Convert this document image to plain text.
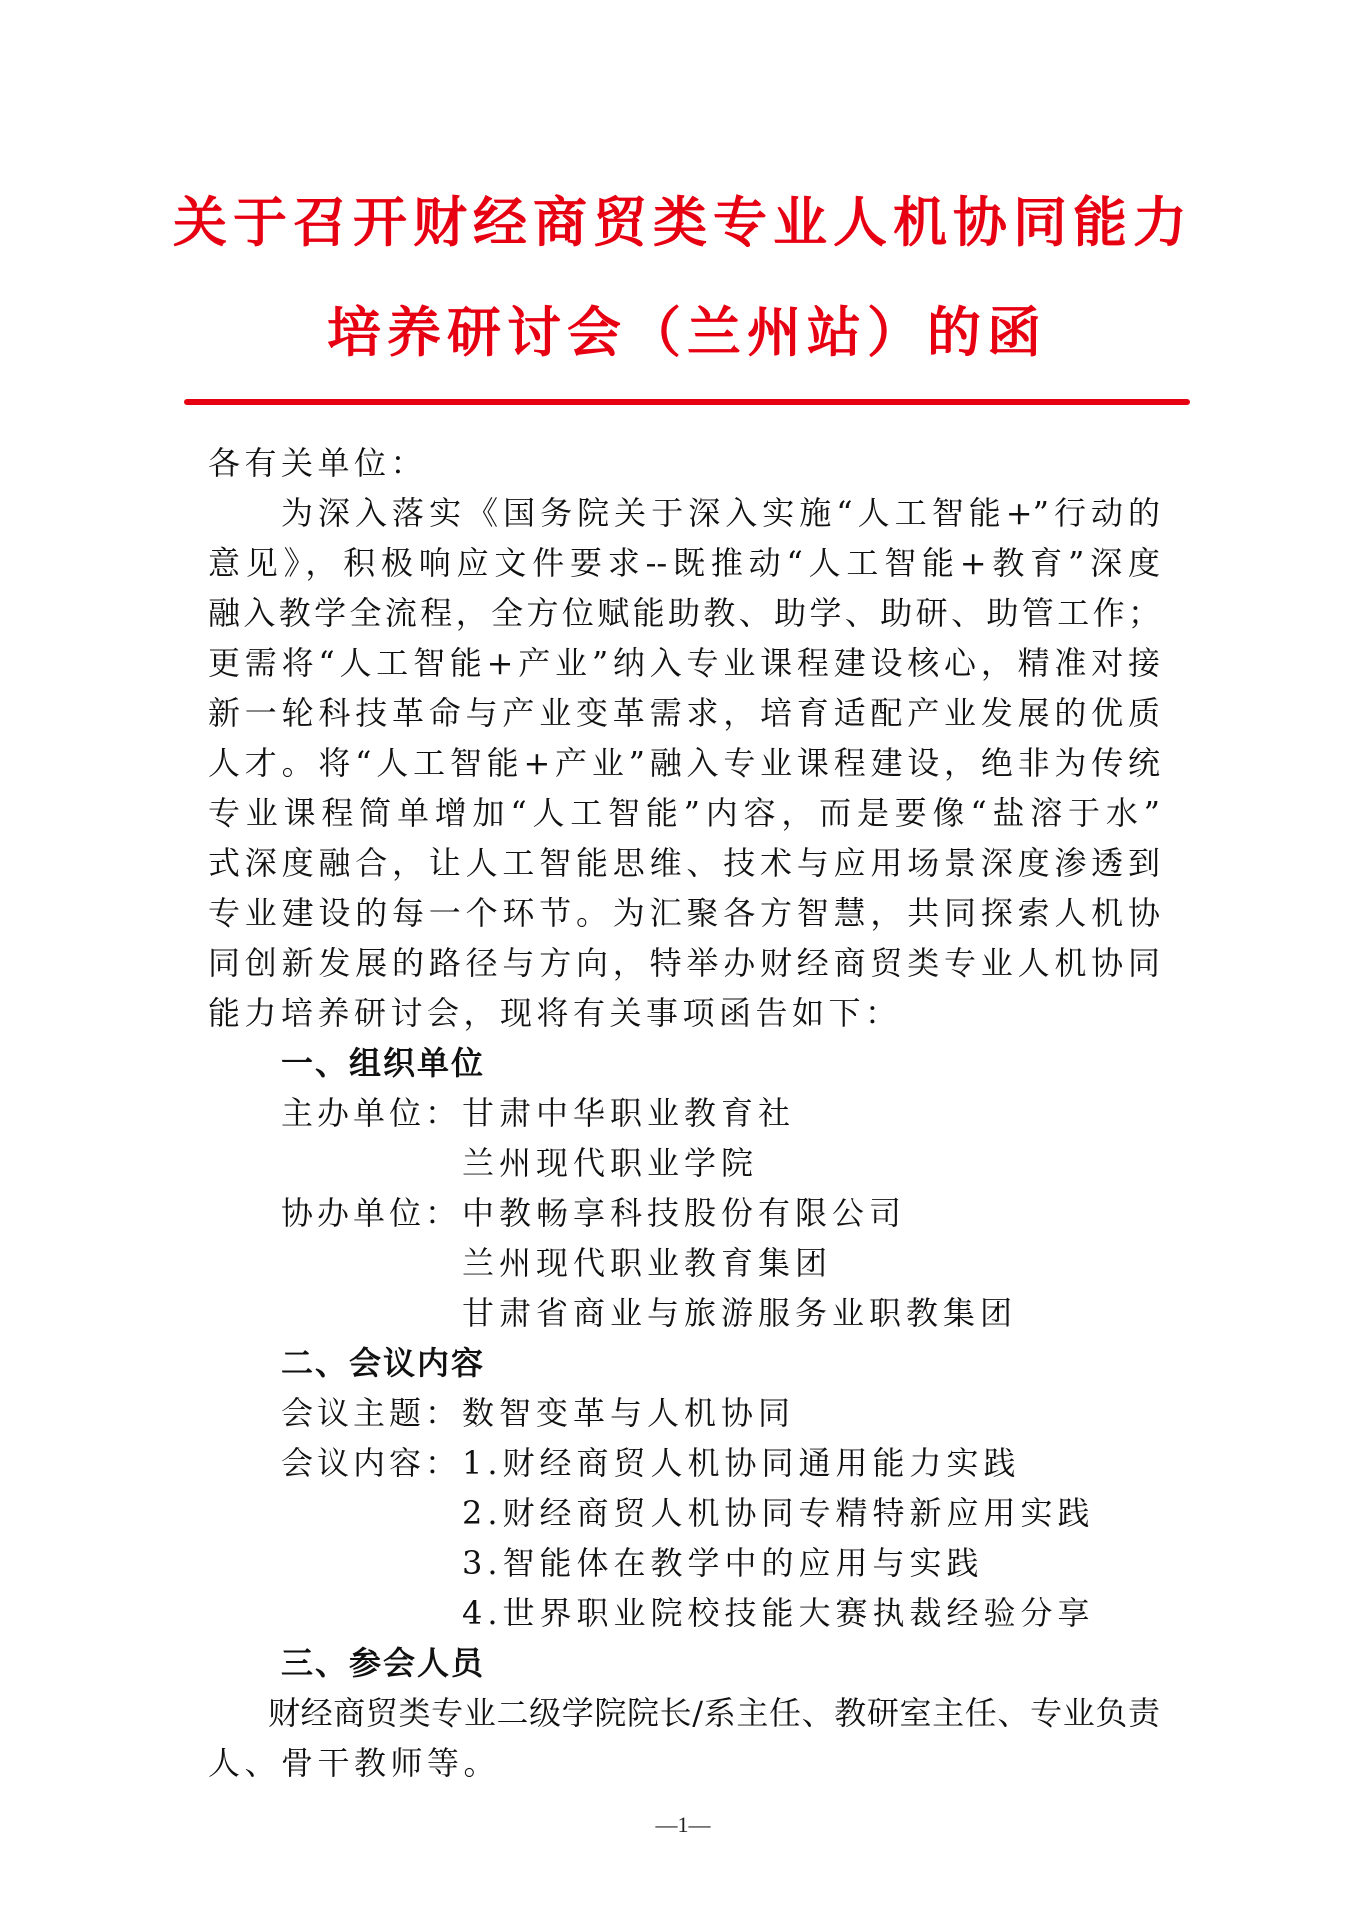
关于召开财经商贸类专业人机协同能力
培养研讨会（兰州站）的函
各有关单位：
为深入落实《国务院关于深入实施“人工智能+”行动的
意见》，积极响应文件要求--既推动“人工智能+教育”深度
融入教学全流程，全方位赋能助教、助学、助研、助管工作；
更需将“人工智能+产业”纳入专业课程建设核心，精准对接
新一轮科技革命与产业变革需求，培育适配产业发展的优质
人才。将“人工智能+产业”融入专业课程建设，绝非为传统
专业课程简单增加“人工智能”内容，而是要像“盐溶于水”
式深度融合，让人工智能思维、技术与应用场景深度渗透到
专业建设的每一个环节。为汇聚各方智慧，共同探索人机协
同创新发展的路径与方向，特举办财经商贸类专业人机协同
能力培养研讨会，现将有关事项函告如下：
一、组织单位
主办单位： 甘肃中华职业教育社
兰州现代职业学院
协办单位： 中教畅享科技股份有限公司
兰州现代职业教育集团
甘肃省商业与旅游服务业职教集团
二、会议内容
会议主题： 数智变革与人机协同
会议内容： 1.财经商贸人机协同通用能力实践
2.财经商贸人机协同专精特新应用实践
3.智能体在教学中的应用与实践
4.世界职业院校技能大赛执裁经验分享
三、参会人员
财经商贸类专业二级学院院长/系主任、教研室主任、专业负责
人、骨干教师等。
—1—
